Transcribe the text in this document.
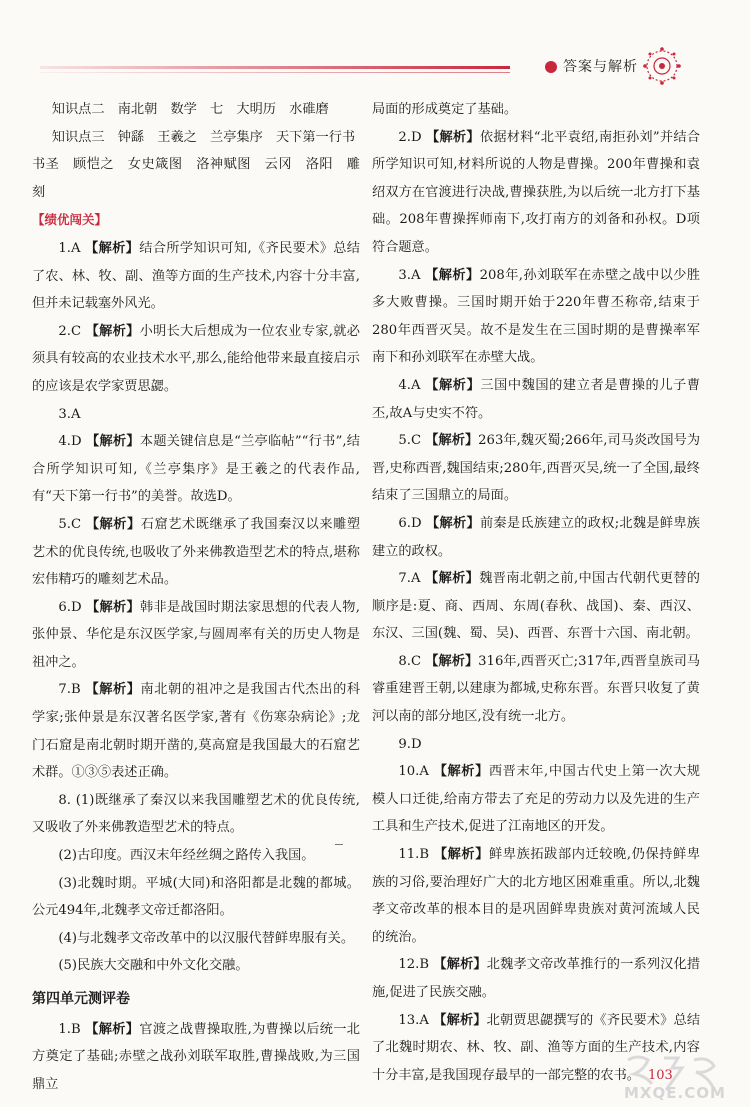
答案与解析

知识点二　南北朝　数学　七　大明历　水碓磨

知识点三　钟繇　王羲之　兰亭集序　天下第一行书

书圣　顾恺之　女史箴图　洛神赋图　云冈　洛阳　雕刻

【绩优闯关】

1.A 【解析】结合所学知识可知,《齐民要术》总结了农、林、牧、副、渔等方面的生产技术,内容十分丰富,但并未记载塞外风光。

2.C 【解析】小明长大后想成为一位农业专家,就必须具有较高的农业技术水平,那么,能给他带来最直接启示的应该是农学家贾思勰。

3.A

4.D 【解析】本题关键信息是“兰亭临帖”“行书”,结合所学知识可知,《兰亭集序》是王羲之的代表作品,有“天下第一行书”的美誉。故选D。

5.C 【解析】石窟艺术既继承了我国秦汉以来雕塑艺术的优良传统,也吸收了外来佛教造型艺术的特点,堪称宏伟精巧的雕刻艺术品。

6.D 【解析】韩非是战国时期法家思想的代表人物,张仲景、华佗是东汉医学家,与圆周率有关的历史人物是祖冲之。

7.B 【解析】南北朝的祖冲之是我国古代杰出的科学家;张仲景是东汉著名医学家,著有《伤寒杂病论》;龙门石窟是南北朝时期开凿的,莫高窟是我国最大的石窟艺术群。①③⑤表述正确。

8. (1)既继承了秦汉以来我国雕塑艺术的优良传统,又吸收了外来佛教造型艺术的特点。

(2)古印度。西汉末年经丝绸之路传入我国。

(3)北魏时期。平城(大同)和洛阳都是北魏的都城。公元494年,北魏孝文帝迁都洛阳。

(4)与北魏孝文帝改革中的以汉服代替鲜卑服有关。

(5)民族大交融和中外文化交融。

第四单元测评卷

1.B 【解析】官渡之战曹操取胜,为曹操以后统一北方奠定了基础;赤壁之战孙刘联军取胜,曹操战败,为三国鼎立

局面的形成奠定了基础。

2.D 【解析】依据材料“北平袁绍,南拒孙刘”并结合所学知识可知,材料所说的人物是曹操。200年曹操和袁绍双方在官渡进行决战,曹操获胜,为以后统一北方打下基础。208年曹操挥师南下,攻打南方的刘备和孙权。D项符合题意。

3.A 【解析】208年,孙刘联军在赤壁之战中以少胜多大败曹操。三国时期开始于220年曹丕称帝,结束于280年西晋灭吴。故不是发生在三国时期的是曹操率军南下和孙刘联军在赤壁大战。

4.A 【解析】三国中魏国的建立者是曹操的儿子曹丕,故A与史实不符。

5.C 【解析】263年,魏灭蜀;266年,司马炎改国号为晋,史称西晋,魏国结束;280年,西晋灭吴,统一了全国,最终结束了三国鼎立的局面。

6.D 【解析】前秦是氐族建立的政权;北魏是鲜卑族建立的政权。

7.A 【解析】魏晋南北朝之前,中国古代朝代更替的顺序是:夏、商、西周、东周(春秋、战国)、秦、西汉、东汉、三国(魏、蜀、吴)、西晋、东晋十六国、南北朝。

8.C 【解析】316年,西晋灭亡;317年,西晋皇族司马睿重建晋王朝,以建康为都城,史称东晋。东晋只收复了黄河以南的部分地区,没有统一北方。

9.D

10.A 【解析】西晋末年,中国古代史上第一次大规模人口迁徙,给南方带去了充足的劳动力以及先进的生产工具和生产技术,促进了江南地区的开发。

11.B 【解析】鲜卑族拓跋部内迁较晚,仍保持鲜卑族的习俗,要治理好广大的北方地区困难重重。所以,北魏孝文帝改革的根本目的是巩固鲜卑贵族对黄河流域人民的统治。

12.B 【解析】北魏孝文帝改革推行的一系列汉化措施,促进了民族交融。

13.A 【解析】北朝贾思勰撰写的《齐民要术》总结了北魏时期农、林、牧、副、渔等方面的生产技术,内容十分丰富,是我国现存最早的一部完整的农书。 103
MXQE.COM
